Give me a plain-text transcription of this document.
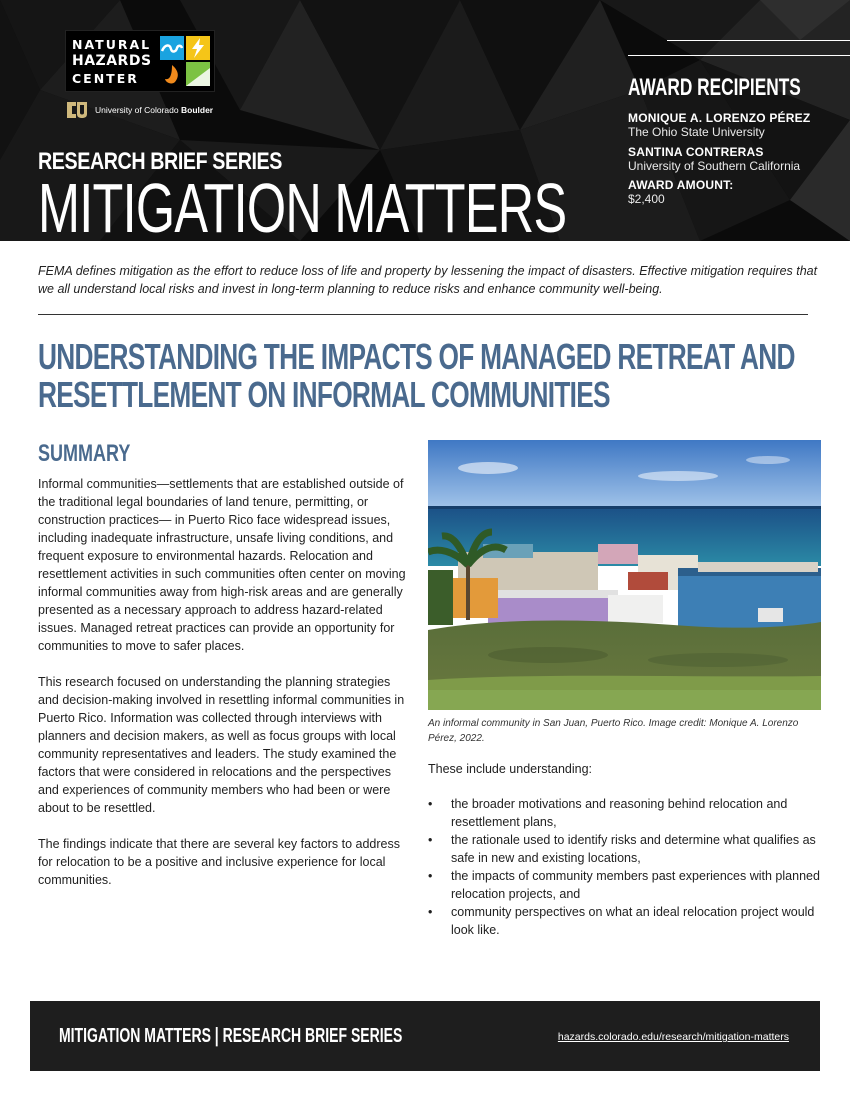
NATURAL
HAZARDS
CENTER
University of Colorado Boulder
RESEARCH BRIEF SERIES
MITIGATION MATTERS
AWARD RECIPIENTS
MONIQUE A. LORENZO PÉREZ
The Ohio State University
SANTINA CONTRERAS
University of Southern California
AWARD AMOUNT:
$2,400

FEMA defines mitigation as the effort to reduce loss of life and property by lessening the impact of disasters. Effective mitigation requires that we all understand local risks and invest in long-term planning to reduce risks and enhance community well-being.

UNDERSTANDING THE IMPACTS OF MANAGED RETREAT AND RESETTLEMENT ON INFORMAL COMMUNITIES
SUMMARY

Informal communities—settlements that are established outside of the traditional legal boundaries of land tenure, permitting, or construction practices— in Puerto Rico face widespread issues, including inadequate infrastructure, unsafe living conditions, and frequent exposure to environmental hazards. Relocation and resettlement activities in such communities often center on moving informal communities away from high-risk areas and are generally presented as a necessary approach to address hazard-related issues. Managed retreat practices can provide an opportunity for communities to move to safer places.

This research focused on understanding the planning strategies and decision-making involved in resettling informal communities in Puerto Rico. Information was collected through interviews with planners and decision makers, as well as focus groups with local community representatives and leaders. The study examined the factors that were considered in relocations and the perspectives and experiences of community members who had been or were about to be resettled.

The findings indicate that there are several key factors to address for relocation to be a positive and inclusive experience for local communities.

An informal community in San Juan, Puerto Rico. Image credit: Monique A. Lorenzo Pérez, 2022.

These include understanding:

• the broader motivations and reasoning behind relocation and resettlement plans,
• the rationale used to identify risks and determine what qualifies as safe in new and existing locations,
• the impacts of community members past experiences with planned relocation projects, and
• community perspectives on what an ideal relocation project would look like.
MITIGATION MATTERS | RESEARCH BRIEF SERIES	hazards.colorado.edu/research/mitigation-matters
